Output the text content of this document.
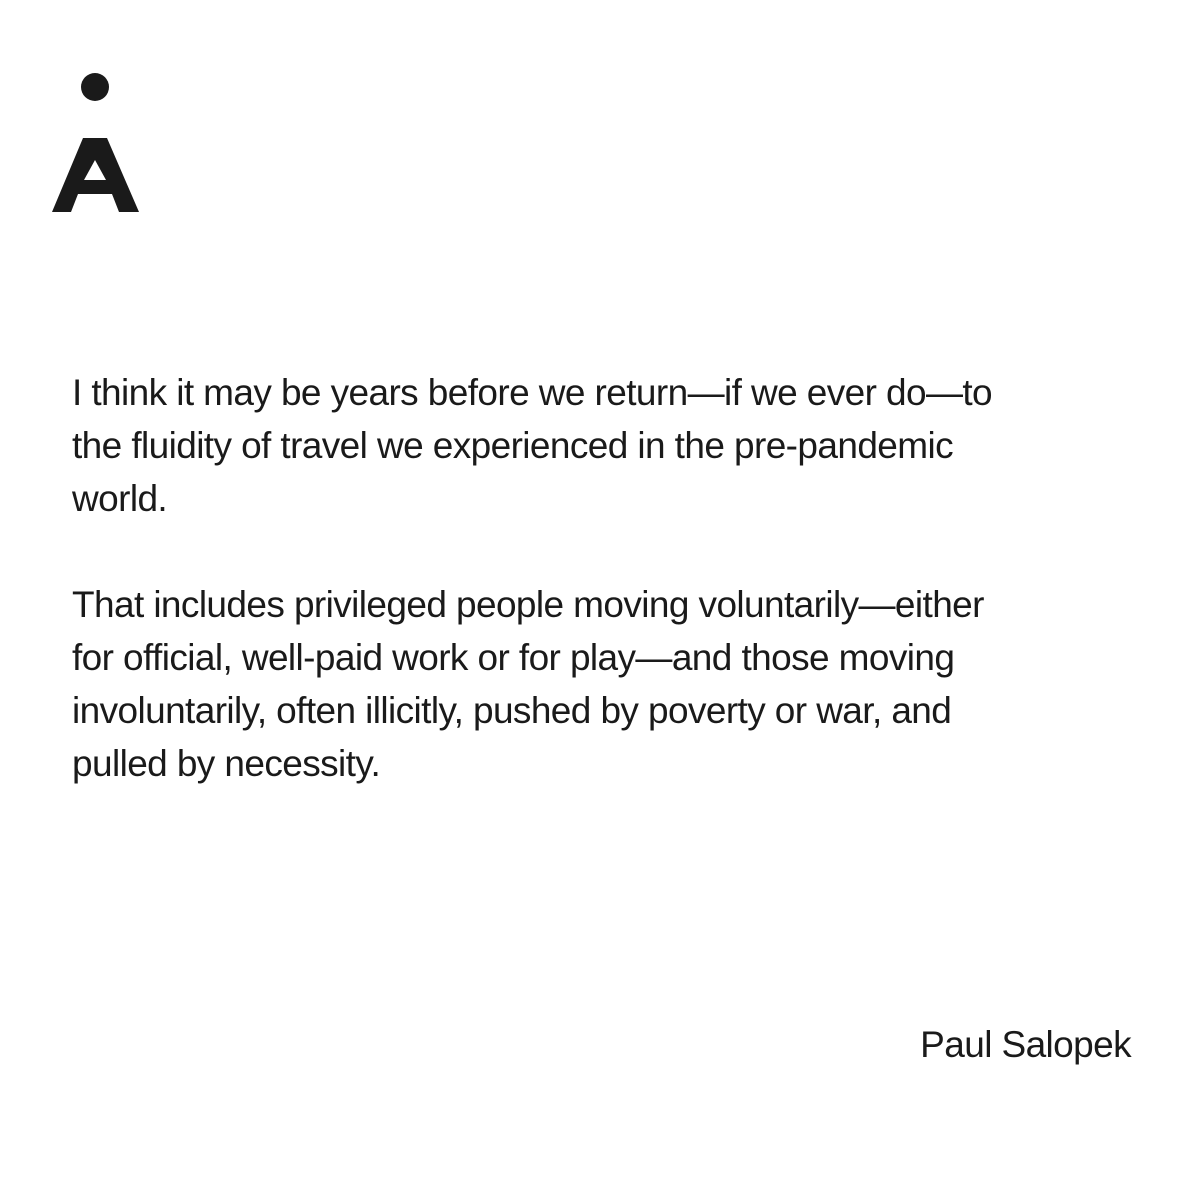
I think it may be years before we return—if we ever do—to
the fluidity of travel we experienced in the pre-pandemic
world.

That includes privileged people moving voluntarily—either
for official, well-paid work or for play—and those moving
involuntarily, often illicitly, pushed by poverty or war, and
pulled by necessity.

Paul Salopek
